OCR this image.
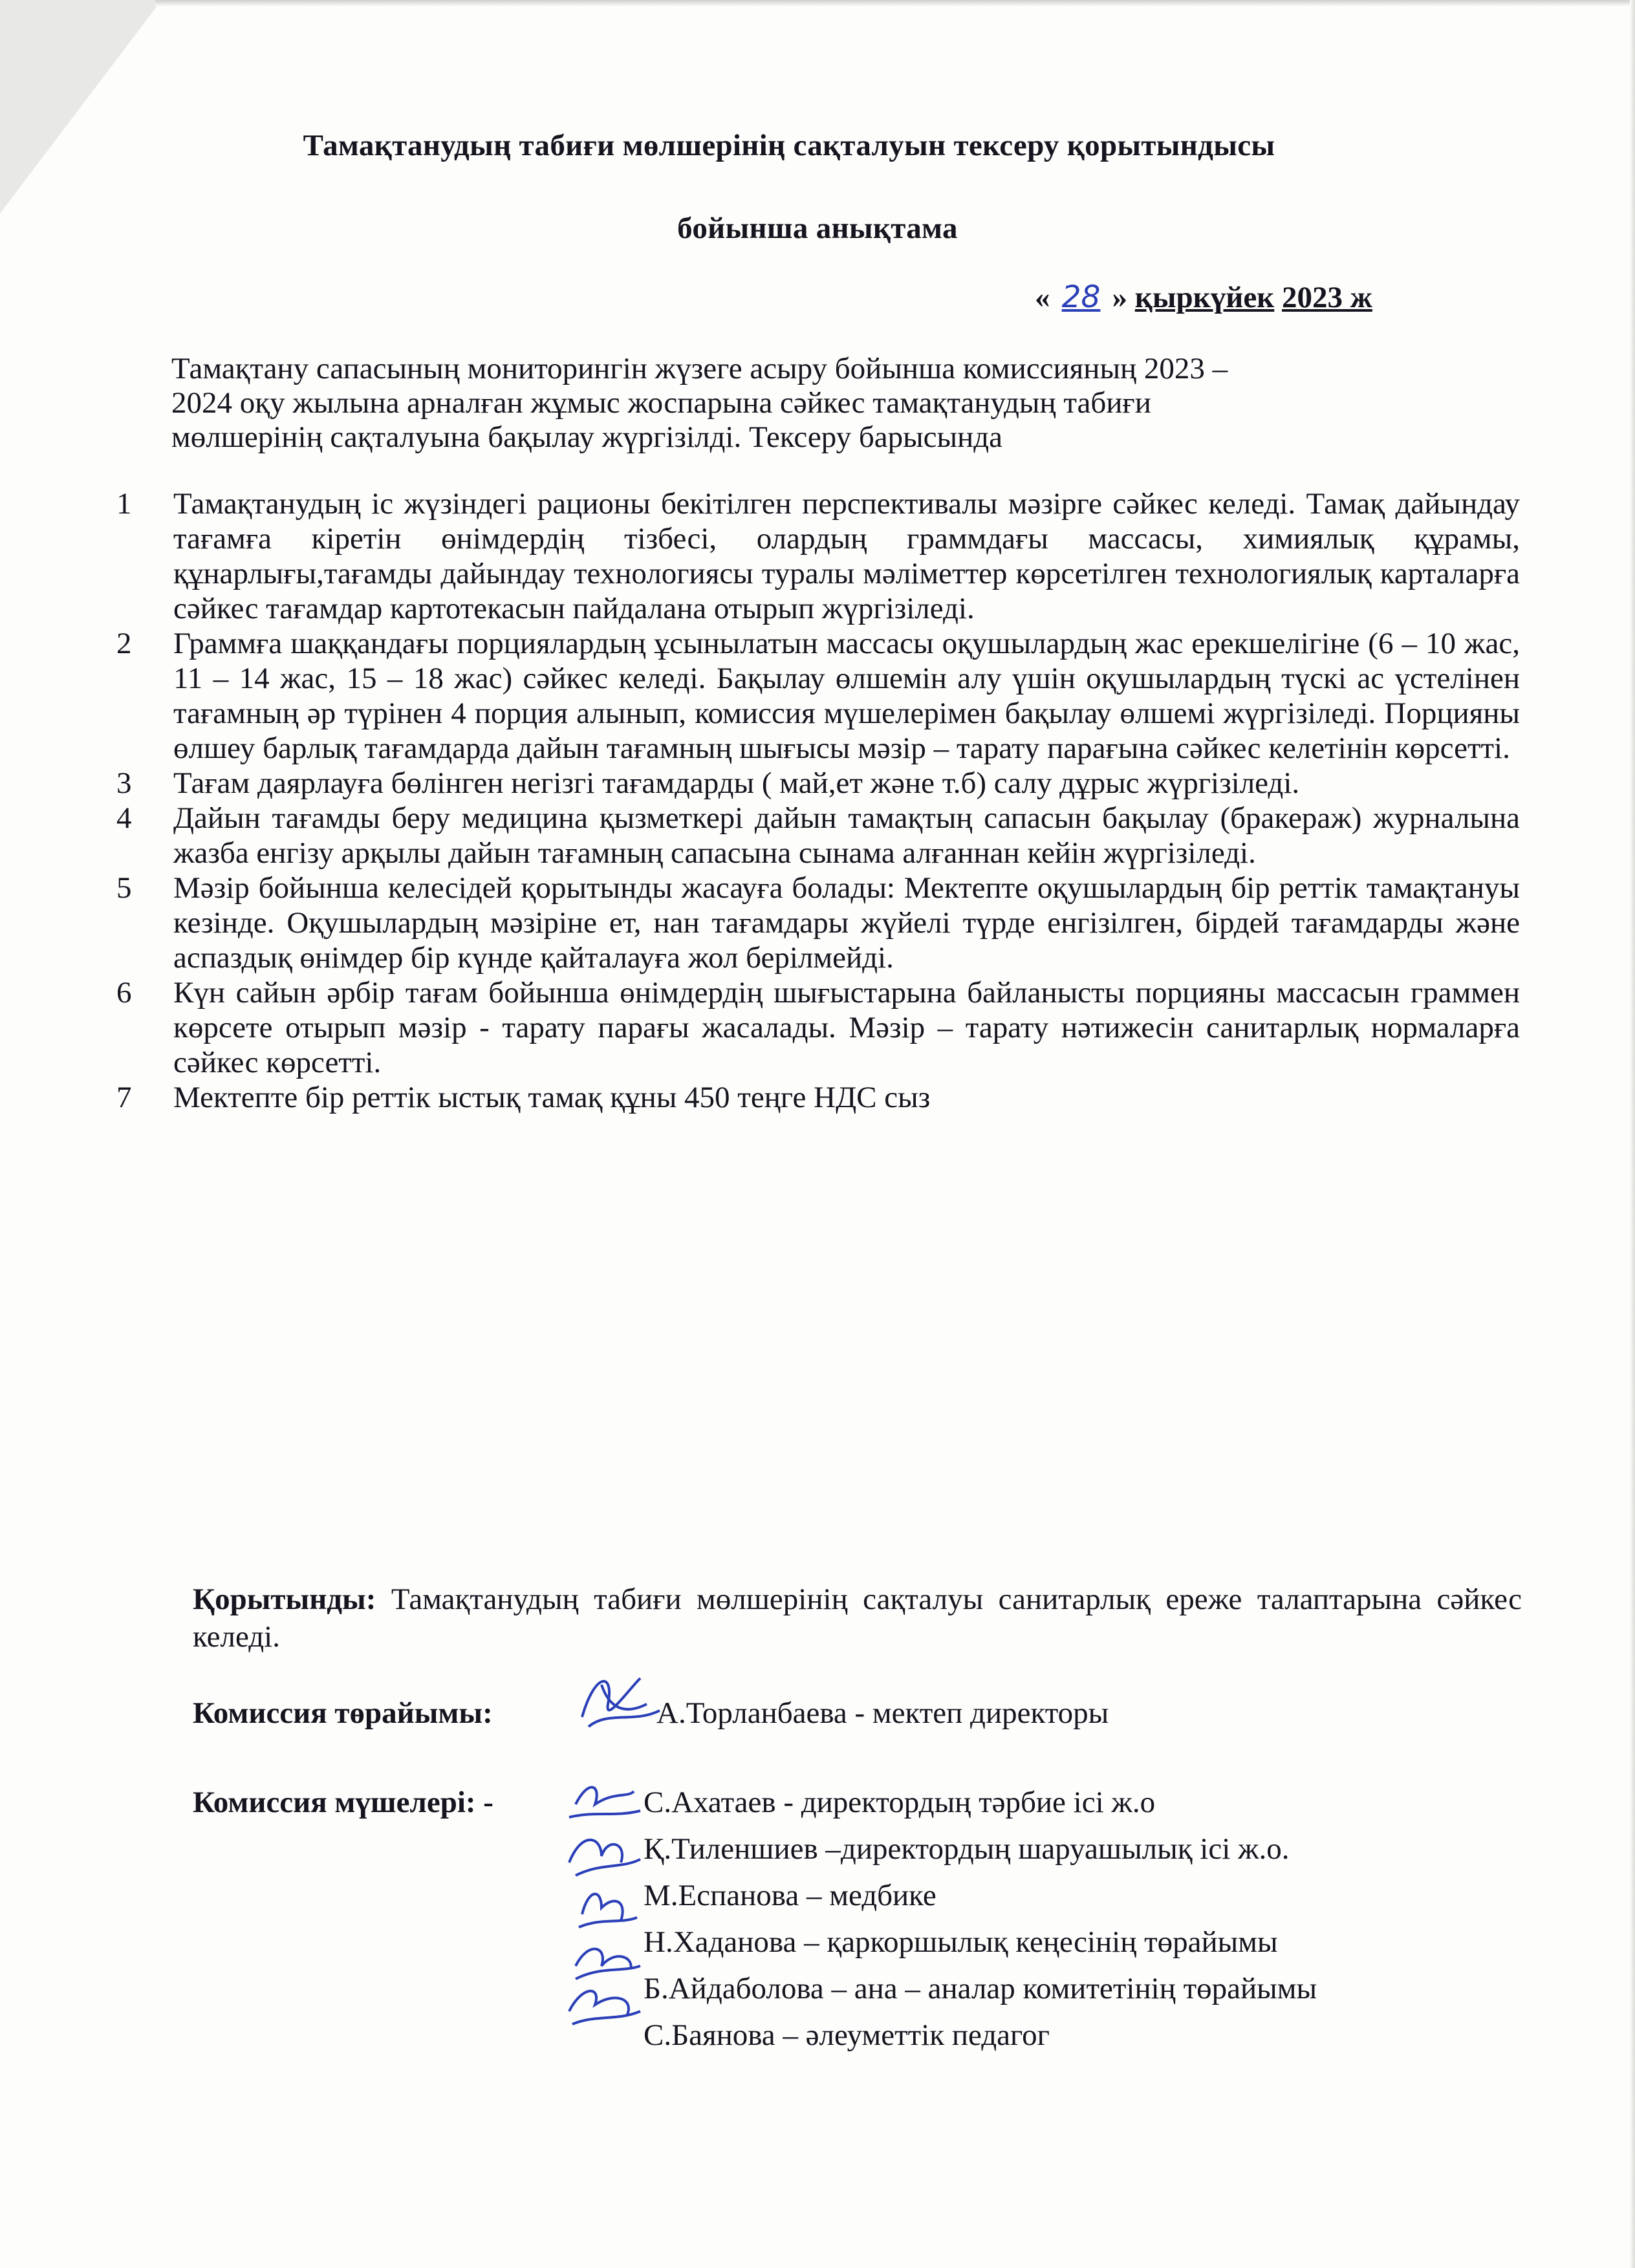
Тамақтанудың табиғи мөлшерінің сақталуын тексеру қорытындысы
бойынша анықтама
« 28 » қыркүйек 2023 ж
Тамақтану сапасының мониторингін жүзеге асыру бойынша комиссияның 2023 –
2024 оқу жылына арналған жұмыс жоспарына сәйкес тамақтанудың табиғи
мөлшерінің сақталуына бақылау жүргізілді. Тексеру барысында
1	Тамақтанудың іс жүзіндегі рационы бекітілген перспективалы мәзірге сәйкес келеді. Тамақ дайындау тағамға кіретін өнімдердің тізбесі, олардың граммдағы массасы, химиялық құрамы, құнарлығы,тағамды дайындау технологиясы туралы мәліметтер көрсетілген технологиялық карталарға сәйкес тағамдар картотекасын пайдалана отырып жүргізіледі.
2	Граммға шаққандағы порциялардың ұсынылатын массасы оқушылардың жас ерекшелігіне (6 – 10 жас, 11 – 14 жас, 15 – 18 жас) сәйкес келеді. Бақылау өлшемін алу үшін оқушылардың түскі ас үстелінен тағамның әр түрінен 4 порция алынып, комиссия мүшелерімен бақылау өлшемі жүргізіледі. Порцияны өлшеу барлық тағамдарда дайын тағамның шығысы мәзір – тарату парағына сәйкес келетінін көрсетті.
3	Тағам даярлауға бөлінген негізгі тағамдарды ( май,ет және т.б) салу дұрыс жүргізіледі.
4	Дайын тағамды беру медицина қызметкері дайын тамақтың сапасын бақылау (бракераж) журналына жазба енгізу арқылы дайын тағамның сапасына сынама алғаннан кейін жүргізіледі.
5	Мәзір бойынша келесідей қорытынды жасауға болады: Мектепте оқушылардың бір реттік тамақтануы кезінде. Оқушылардың мәзіріне ет, нан тағамдары жүйелі түрде енгізілген, бірдей тағамдарды және аспаздық өнімдер бір күнде қайталауға жол берілмейді.
6	Күн сайын әрбір тағам бойынша өнімдердің шығыстарына байланысты порцияны массасын граммен көрсете отырып мәзір - тарату парағы жасалады. Мәзір – тарату нәтижесін санитарлық нормаларға сәйкес көрсетті.
7	Мектепте бір реттік ыстық тамақ құны 450 теңге НДС сыз
Қорытынды: Тамақтанудың табиғи мөлшерінің сақталуы санитарлық ереже талаптарына сәйкес келеді.
Комиссия төрайымы:	А.Торланбаева - мектеп директоры
Комиссия мүшелері: -	С.Ахатаев - директордың тәрбие ісі ж.о
Қ.Тиленшиев –директордың шаруашылық ісі ж.о.
М.Еспанова – медбике
Н.Хаданова – қаркоршылық кеңесінің төрайымы
Б.Айдаболова – ана – аналар комитетінің төрайымы
С.Баянова – әлеуметтік педагог
